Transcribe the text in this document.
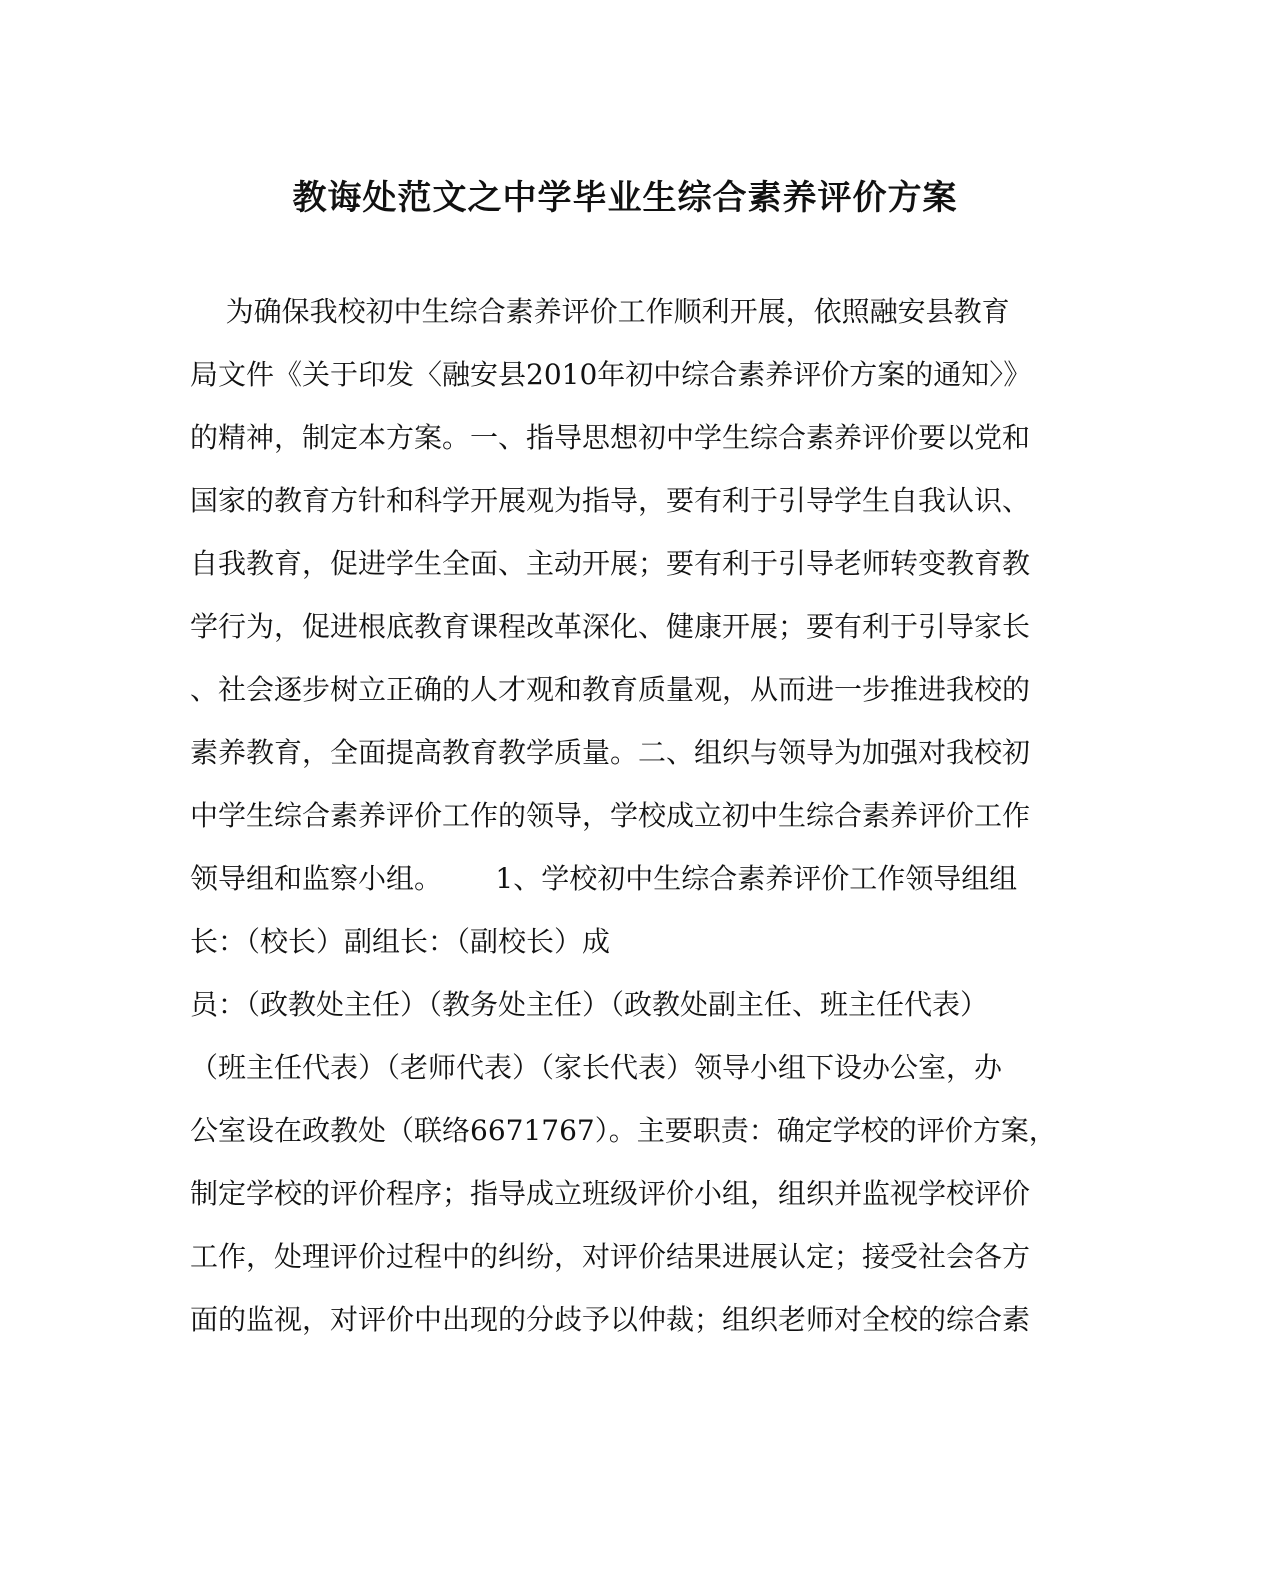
教诲处范文之中学毕业生综合素养评价方案
为确保我校初中生综合素养评价工作顺利开展，依照融安县教育
局文件《关于印发〈融安县2010年初中综合素养评价方案的通知〉》
的精神，制定本方案。一、指导思想初中学生综合素养评价要以党和
国家的教育方针和科学开展观为指导，要有利于引导学生自我认识、
自我教育，促进学生全面、主动开展；要有利于引导老师转变教育教
学行为，促进根底教育课程改革深化、健康开展；要有利于引导家长
、社会逐步树立正确的人才观和教育质量观，从而进一步推进我校的
素养教育，全面提高教育教学质量。二、组织与领导为加强对我校初
中学生综合素养评价工作的领导，学校成立初中生综合素养评价工作
领导组和监察小组。      1、学校初中生综合素养评价工作领导组组
长：（校长）副组长：（副校长）成
员：（政教处主任）（教务处主任）（政教处副主任、班主任代表）
（班主任代表）（老师代表）（家长代表）领导小组下设办公室，办
公室设在政教处（联络6671767）。主要职责：确定学校的评价方案，
制定学校的评价程序；指导成立班级评价小组，组织并监视学校评价
工作，处理评价过程中的纠纷，对评价结果进展认定；接受社会各方
面的监视，对评价中出现的分歧予以仲裁；组织老师对全校的综合素
